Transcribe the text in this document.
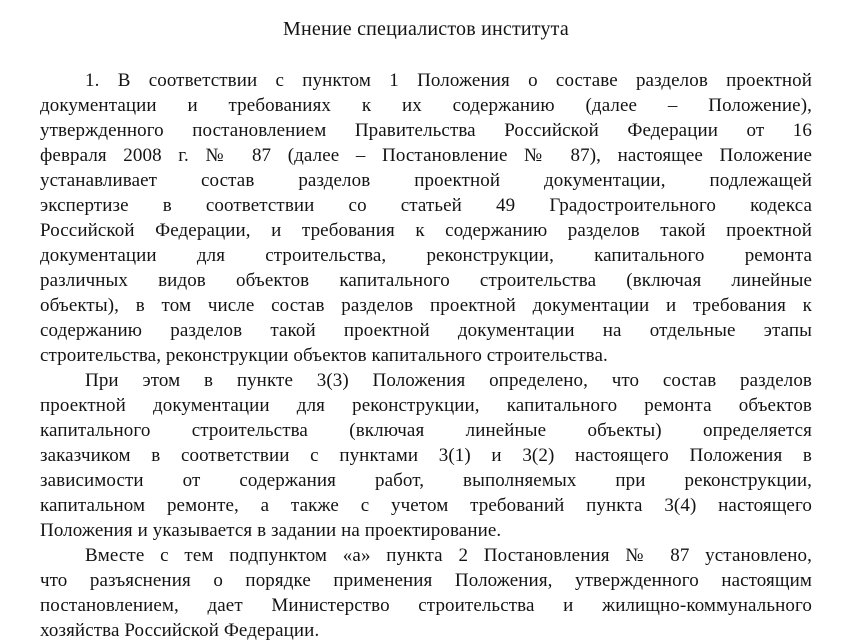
Мнение специалистов института
1. В соответствии с пунктом 1 Положения о составе разделов проектной
документации и требованиях к их содержанию (далее – Положение),
утвержденного постановлением Правительства Российской Федерации от 16
февраля 2008 г. № 87 (далее – Постановление № 87), настоящее Положение
устанавливает состав разделов проектной документации, подлежащей
экспертизе в соответствии со статьей 49 Градостроительного кодекса
Российской Федерации, и требования к содержанию разделов такой проектной
документации для строительства, реконструкции, капитального ремонта
различных видов объектов капитального строительства (включая линейные
объекты), в том числе состав разделов проектной документации и требования к
содержанию разделов такой проектной документации на отдельные этапы
строительства, реконструкции объектов капитального строительства.
При этом в пункте 3(3) Положения определено, что состав разделов
проектной документации для реконструкции, капитального ремонта объектов
капитального строительства (включая линейные объекты) определяется
заказчиком в соответствии с пунктами 3(1) и 3(2) настоящего Положения в
зависимости от содержания работ, выполняемых при реконструкции,
капитальном ремонте, а также с учетом требований пункта 3(4) настоящего
Положения и указывается в задании на проектирование.
Вместе с тем подпунктом «а» пункта 2 Постановления № 87 установлено,
что разъяснения о порядке применения Положения, утвержденного настоящим
постановлением, дает Министерство строительства и жилищно-коммунального
хозяйства Российской Федерации.
